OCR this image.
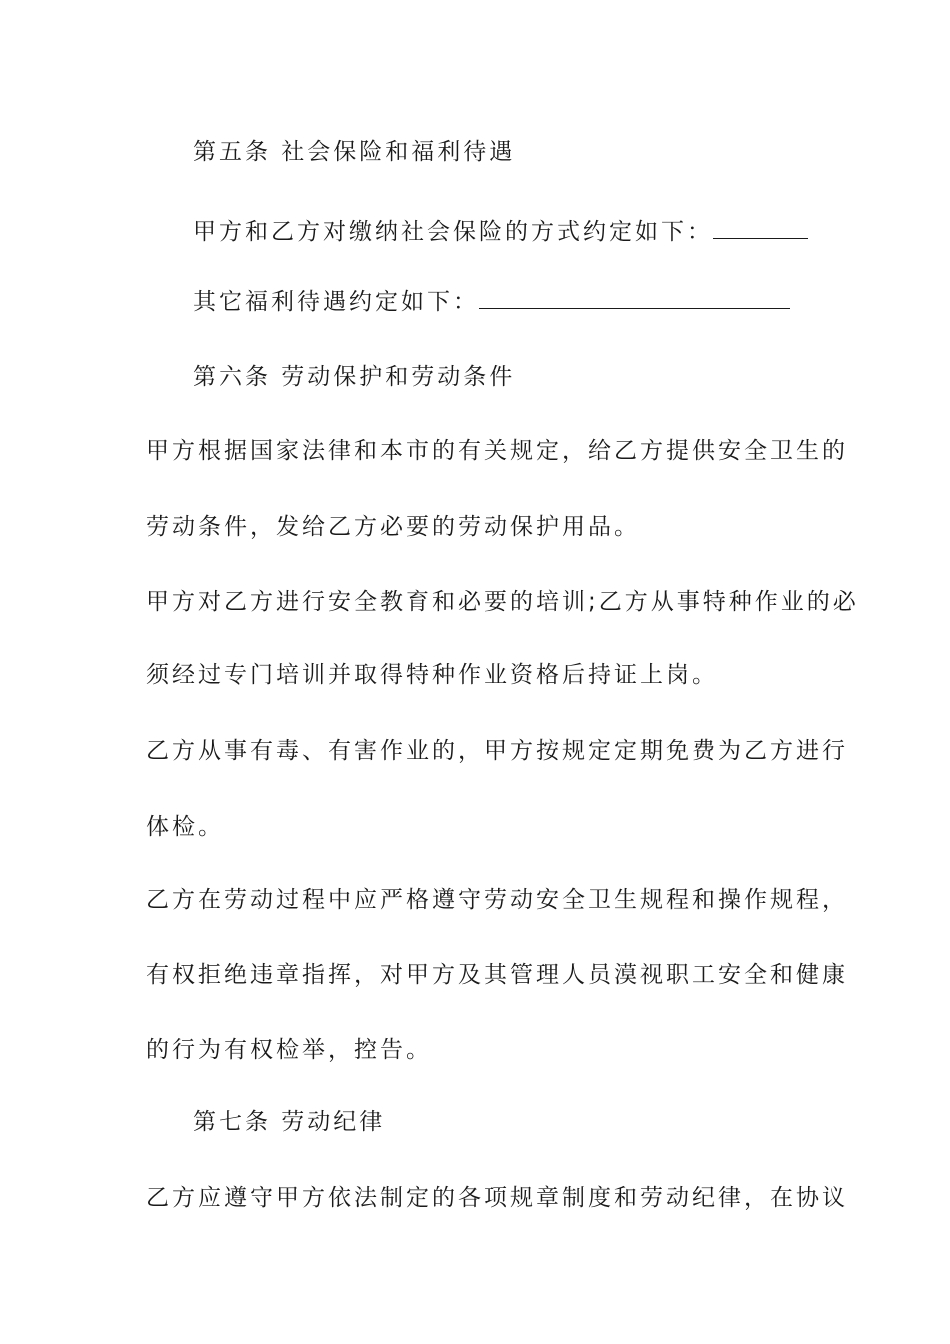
第五条 社会保险和福利待遇
甲方和乙方对缴纳社会保险的方式约定如下：
其它福利待遇约定如下：
第六条 劳动保护和劳动条件
甲方根据国家法律和本市的有关规定，给乙方提供安全卫生的
劳动条件，发给乙方必要的劳动保护用品。
甲方对乙方进行安全教育和必要的培训;乙方从事特种作业的必
须经过专门培训并取得特种作业资格后持证上岗。
乙方从事有毒、有害作业的，甲方按规定定期免费为乙方进行
体检。
乙方在劳动过程中应严格遵守劳动安全卫生规程和操作规程，
有权拒绝违章指挥，对甲方及其管理人员漠视职工安全和健康
的行为有权检举，控告。
第七条 劳动纪律
乙方应遵守甲方依法制定的各项规章制度和劳动纪律，在协议
